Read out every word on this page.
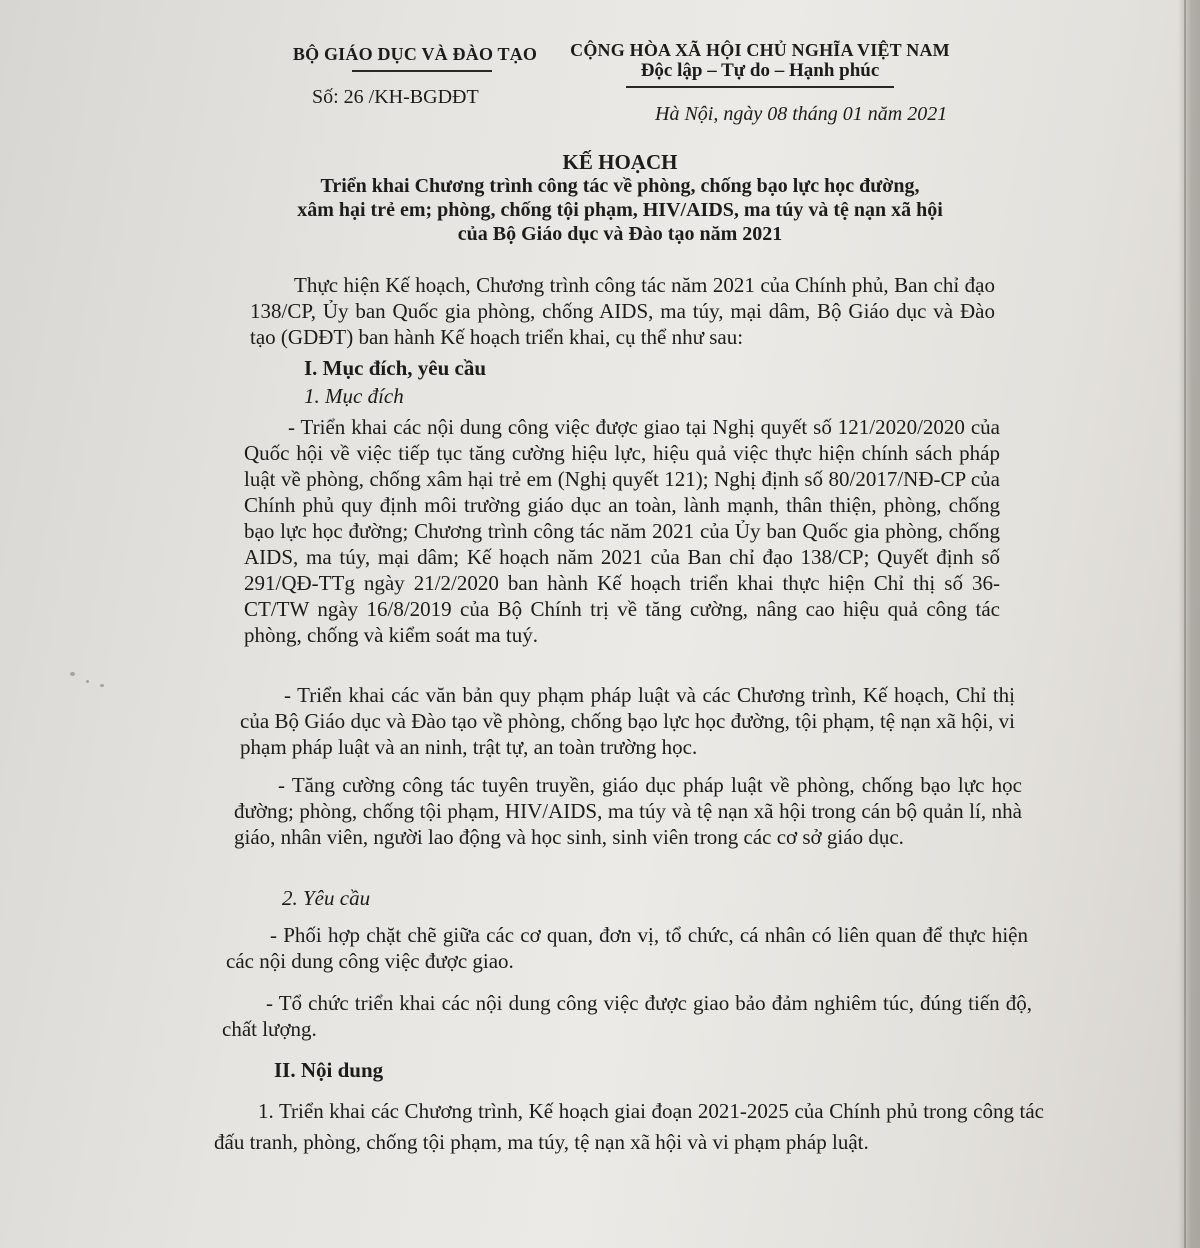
BỘ GIÁO DỤC VÀ ĐÀO TẠO
Số: 26 /KH-BGDĐT
CỘNG HÒA XÃ HỘI CHỦ NGHĨA VIỆT NAM
Độc lập – Tự do – Hạnh phúc
Hà Nội, ngày 08 tháng 01 năm 2021
KẾ HOẠCH
Triển khai Chương trình công tác về phòng, chống bạo lực học đường,
xâm hại trẻ em; phòng, chống tội phạm, HIV/AIDS, ma túy và tệ nạn xã hội
của Bộ Giáo dục và Đào tạo năm 2021
Thực hiện Kế hoạch, Chương trình công tác năm 2021 của Chính phủ, Ban chỉ đạo 138/CP, Ủy ban Quốc gia phòng, chống AIDS, ma túy, mại dâm, Bộ Giáo dục và Đào tạo (GDĐT) ban hành Kế hoạch triển khai, cụ thể như sau:
I. Mục đích, yêu cầu
1. Mục đích
- Triển khai các nội dung công việc được giao tại Nghị quyết số 121/2020/2020 của Quốc hội về việc tiếp tục tăng cường hiệu lực, hiệu quả việc thực hiện chính sách pháp luật về phòng, chống xâm hại trẻ em (Nghị quyết 121); Nghị định số 80/2017/NĐ-CP của Chính phủ quy định môi trường giáo dục an toàn, lành mạnh, thân thiện, phòng, chống bạo lực học đường; Chương trình công tác năm 2021 của Ủy ban Quốc gia phòng, chống AIDS, ma túy, mại dâm; Kế hoạch năm 2021 của Ban chỉ đạo 138/CP; Quyết định số 291/QĐ-TTg ngày 21/2/2020 ban hành Kế hoạch triển khai thực hiện Chỉ thị số 36-CT/TW ngày 16/8/2019 của Bộ Chính trị về tăng cường, nâng cao hiệu quả công tác phòng, chống và kiểm soát ma tuý.
- Triển khai các văn bản quy phạm pháp luật và các Chương trình, Kế hoạch, Chỉ thị của Bộ Giáo dục và Đào tạo về phòng, chống bạo lực học đường, tội phạm, tệ nạn xã hội, vi phạm pháp luật và an ninh, trật tự, an toàn trường học.
- Tăng cường công tác tuyên truyền, giáo dục pháp luật về phòng, chống bạo lực học đường; phòng, chống tội phạm, HIV/AIDS, ma túy và tệ nạn xã hội trong cán bộ quản lí, nhà giáo, nhân viên, người lao động và học sinh, sinh viên trong các cơ sở giáo dục.
2. Yêu cầu
- Phối hợp chặt chẽ giữa các cơ quan, đơn vị, tổ chức, cá nhân có liên quan để thực hiện các nội dung công việc được giao.
- Tổ chức triển khai các nội dung công việc được giao bảo đảm nghiêm túc, đúng tiến độ, chất lượng.
II. Nội dung
1. Triển khai các Chương trình, Kế hoạch giai đoạn 2021-2025 của Chính phủ trong công tác đấu tranh, phòng, chống tội phạm, ma túy, tệ nạn xã hội và vi phạm pháp luật.
